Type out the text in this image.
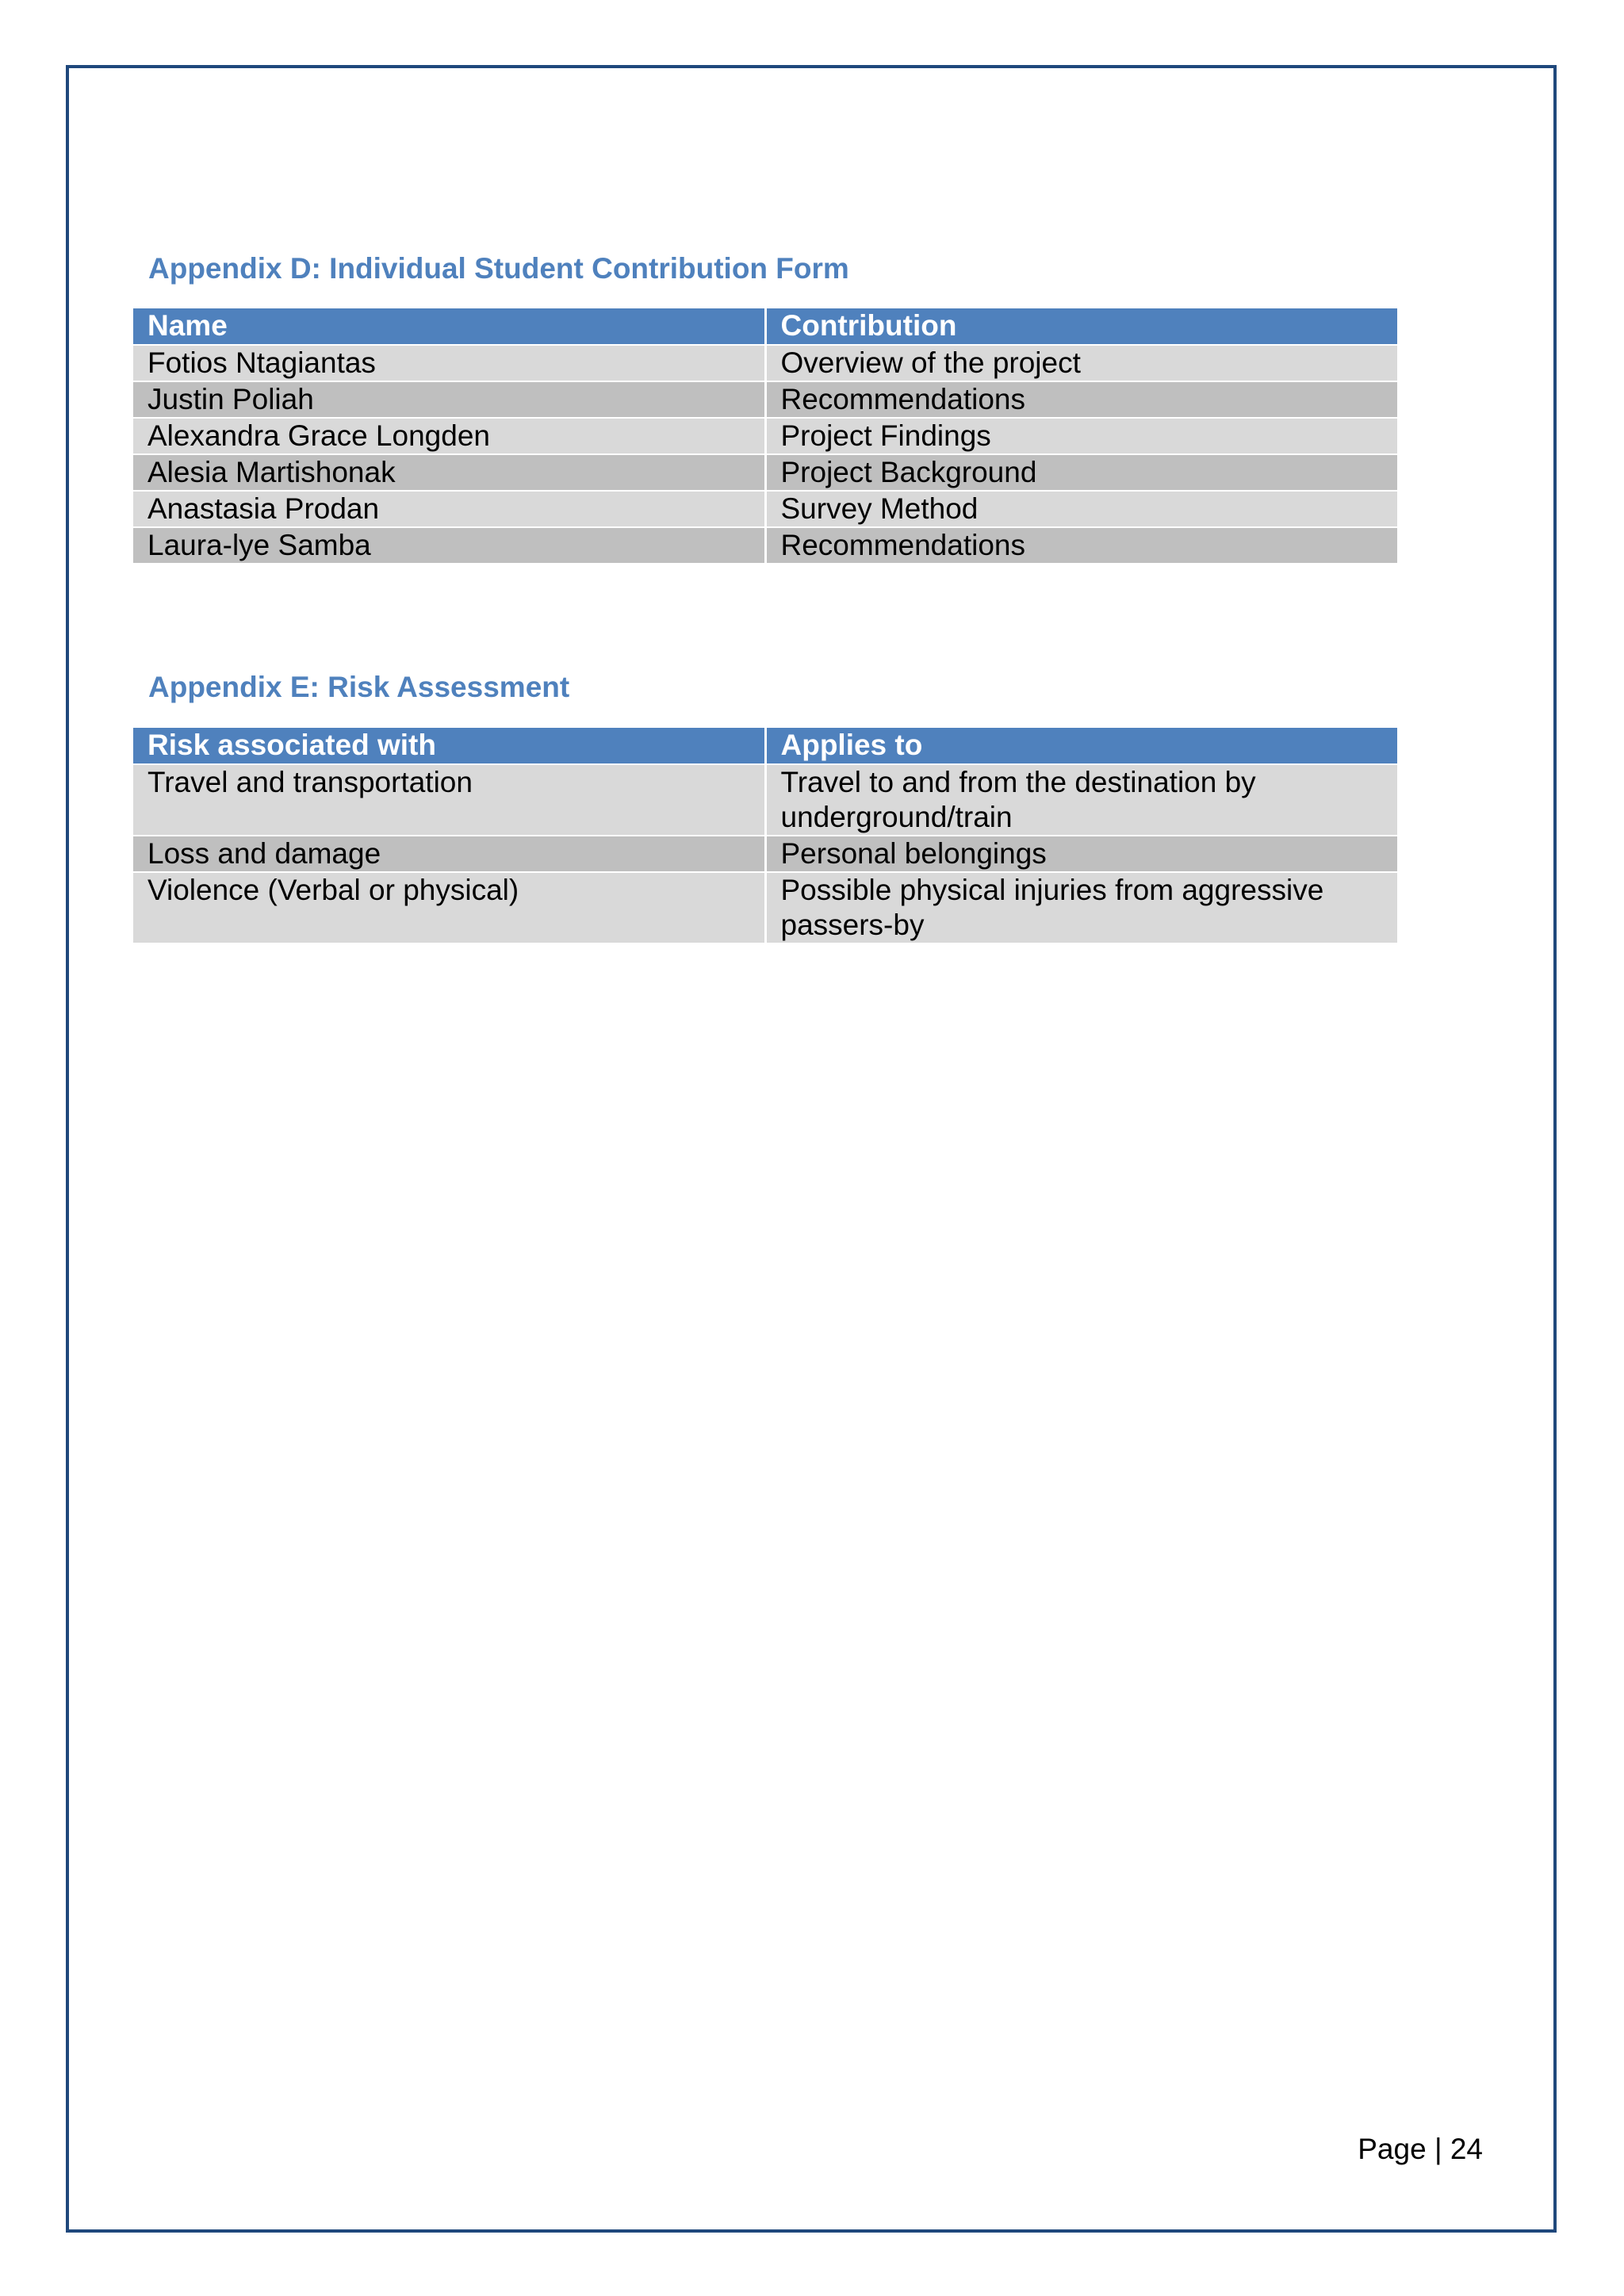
Appendix D: Individual Student Contribution Form
Name	Contribution
Fotios Ntagiantas	Overview of the project
Justin Poliah	Recommendations
Alexandra Grace Longden	Project Findings
Alesia Martishonak	Project Background
Anastasia Prodan	Survey Method
Laura-lye Samba	Recommendations
Appendix E: Risk Assessment
Risk associated with	Applies to
Travel and transportation	Travel to and from the destination by underground/train
Loss and damage	Personal belongings
Violence (Verbal or physical)	Possible physical injuries from aggressive passers-by
Page | 24
